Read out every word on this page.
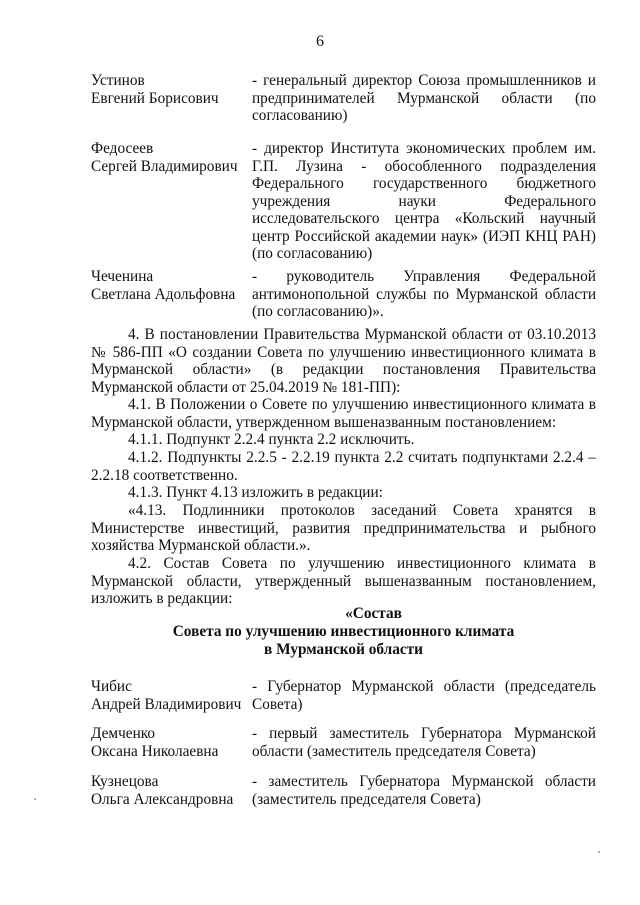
6
Устинов
Евгений Борисович
- генеральный директор Союза промышленников и предпринимателей Мурманской области (по согласованию)
Федосеев
Сергей Владимирович
- директор Института экономических проблем им. Г.П. Лузина - обособленного подразделения Федерального государственного бюджетного учреждения науки Федерального исследовательского центра «Кольский научный центр Российской академии наук» (ИЭП КНЦ РАН) (по согласованию)
Чеченина
Светлана Адольфовна
- руководитель Управления Федеральной антимонопольной службы по Мурманской области (по согласованию)».
4. В постановлении Правительства Мурманской области от 03.10.2013
№ 586-ПП «О создании Совета по улучшению инвестиционного климата в
Мурманской области» (в редакции постановления Правительства
Мурманской области от 25.04.2019 № 181-ПП):
4.1. В Положении о Совете по улучшению инвестиционного климата в
Мурманской области, утвержденном вышеназванным постановлением:
4.1.1. Подпункт 2.2.4 пункта 2.2 исключить.
4.1.2. Подпункты 2.2.5 - 2.2.19 пункта 2.2 считать подпунктами 2.2.4 –
2.2.18 соответственно.
4.1.3. Пункт 4.13 изложить в редакции:
«4.13. Подлинники протоколов заседаний Совета хранятся в
Министерстве инвестиций, развития предпринимательства и рыбного
хозяйства Мурманской области.».
4.2. Состав Совета по улучшению инвестиционного климата в
Мурманской области, утвержденный вышеназванным постановлением,
изложить в редакции:
«Состав
Совета по улучшению инвестиционного климата
в Мурманской области
Чибис
Андрей Владимирович
- Губернатор Мурманской области (председатель Совета)
Демченко
Оксана Николаевна
- первый заместитель Губернатора Мурманской области (заместитель председателя Совета)
Кузнецова
Ольга Александровна
- заместитель Губернатора Мурманской области (заместитель председателя Совета)
